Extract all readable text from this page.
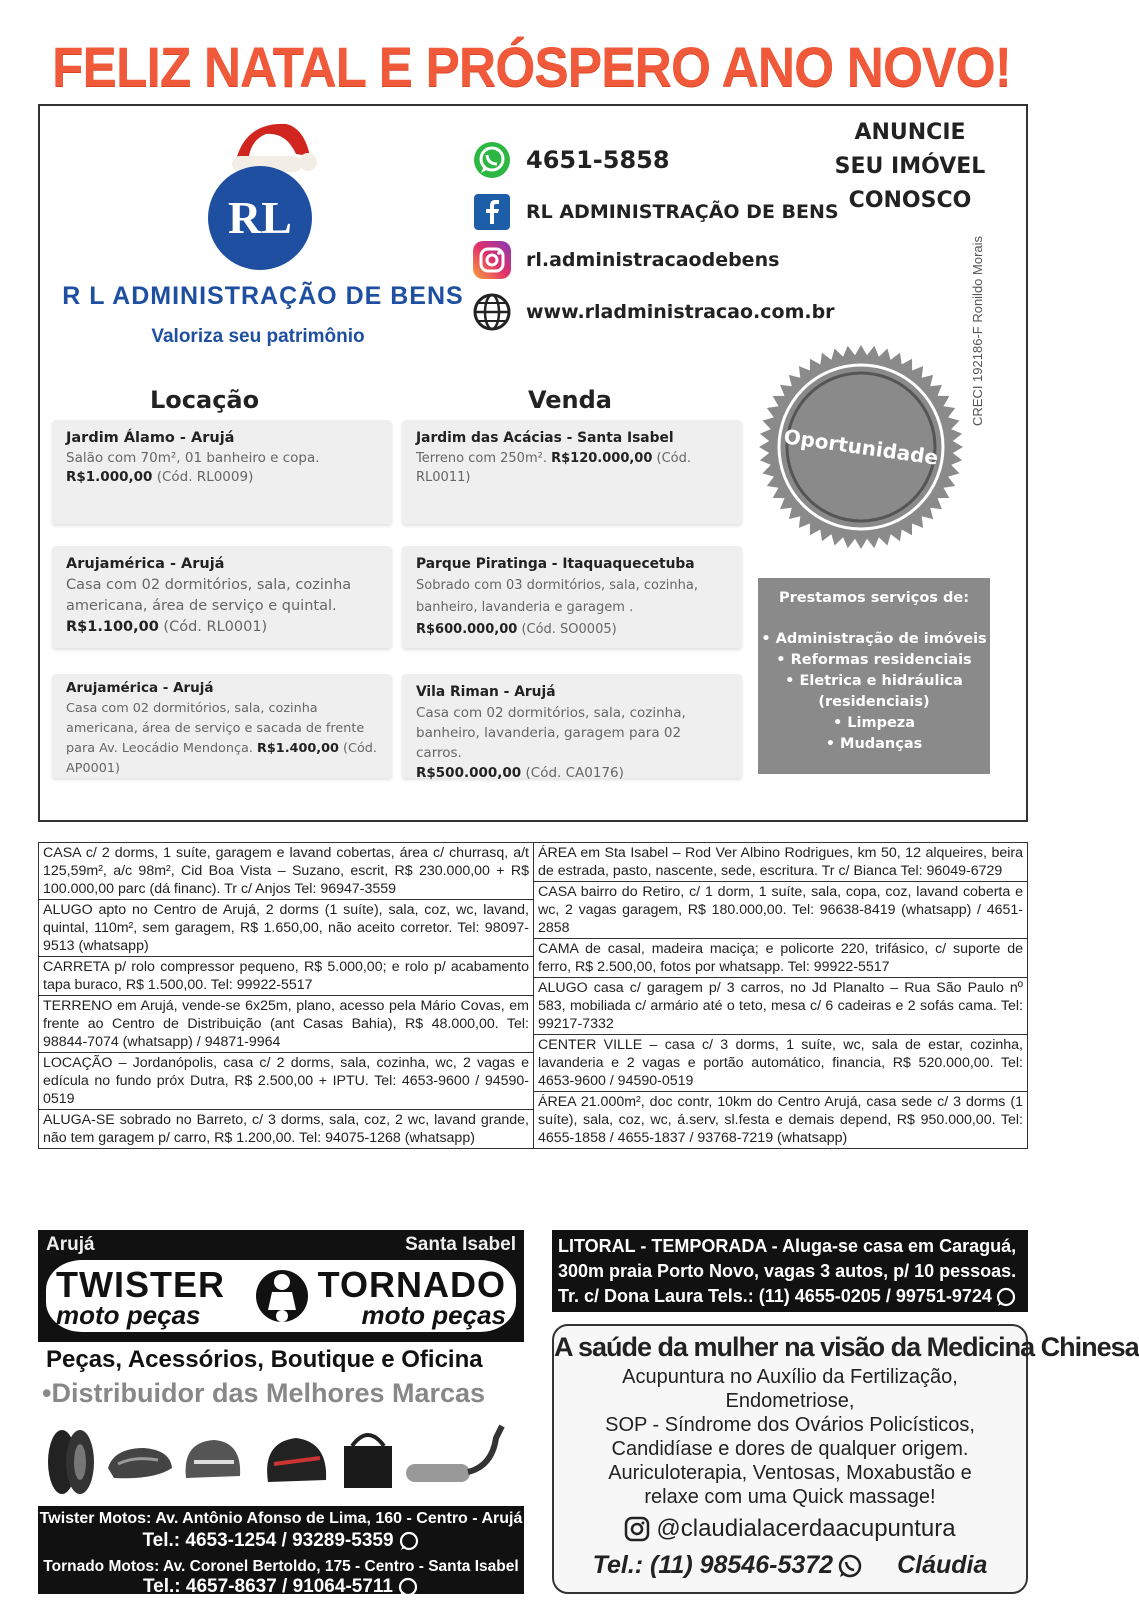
FELIZ NATAL E PRÓSPERO ANO NOVO!
RL
R L ADMINISTRAÇÃO DE BENS
Valoriza seu patrimônio
4651-5858
RL ADMINISTRAÇÃO DE BENS
rl.administracaodebens
www.rladministracao.com.br
ANUNCIE
SEU IMÓVEL
CONOSCO
CRECI 192186-F Ronildo Morais
Locação	Venda
Jardim Álamo - Arujá
Salão com 70m², 01 banheiro e copa.
R$1.000,00 (Cód. RL0009)
Arujamérica - Arujá
Casa com 02 dormitórios, sala, cozinha americana, área de serviço e quintal.
R$1.100,00 (Cód. RL0001)
Arujamérica - Arujá
Casa com 02 dormitórios, sala, cozinha americana, área de serviço e sacada de frente para Av. Leocádio Mendonça. R$1.400,00 (Cód. AP0001)
Jardim das Acácias - Santa Isabel
Terreno com 250m². R$120.000,00 (Cód. RL0011)
Parque Piratinga - Itaquaquecetuba
Sobrado com 03 dormitórios, sala, cozinha, banheiro, lavanderia e garagem . R$600.000,00 (Cód. SO0005)
Vila Riman - Arujá
Casa com 02 dormitórios, sala, cozinha, banheiro, lavanderia, garagem para 02 carros.
R$500.000,00 (Cód. CA0176)
Oportunidade
Prestamos serviços de:
• Administração de imóveis
• Reformas residenciais
• Eletrica e hidráulica
(residenciais)
• Limpeza
• Mudanças
CASA c/ 2 dorms, 1 suíte, garagem e lavand cobertas, área c/ churrasq, a/t 125,59m², a/c 98m², Cid Boa Vista – Suzano, escrit, R$ 230.000,00 + R$ 100.000,00 parc (dá financ). Tr c/ Anjos Tel: 96947-3559
ALUGO apto no Centro de Arujá, 2 dorms (1 suíte), sala, coz, wc, lavand, quintal, 110m², sem garagem, R$ 1.650,00, não aceito corretor. Tel: 98097-9513 (whatsapp)
CARRETA p/ rolo compressor pequeno, R$ 5.000,00; e rolo p/ acabamento tapa buraco, R$ 1.500,00. Tel: 99922-5517
TERRENO em Arujá, vende-se 6x25m, plano, acesso pela Mário Covas, em frente ao Centro de Distribuição (ant Casas Bahia), R$ 48.000,00. Tel: 98844-7074 (whatsapp) / 94871-9964
LOCAÇÃO – Jordanópolis, casa c/ 2 dorms, sala, cozinha, wc, 2 vagas e edícula no fundo próx Dutra, R$ 2.500,00 + IPTU. Tel: 4653-9600 / 94590-0519
ALUGA-SE sobrado no Barreto, c/ 3 dorms, sala, coz, 2 wc, lavand grande, não tem garagem p/ carro, R$ 1.200,00. Tel: 94075-1268 (whatsapp)
ÁREA em Sta Isabel – Rod Ver Albino Rodrigues, km 50, 12 alqueires, beira de estrada, pasto, nascente, sede, escritura. Tr c/ Bianca Tel: 96049-6729
CASA bairro do Retiro, c/ 1 dorm, 1 suíte, sala, copa, coz, lavand coberta e wc, 2 vagas garagem, R$ 180.000,00. Tel: 96638-8419 (whatsapp) / 4651-2858
CAMA de casal, madeira maciça; e policorte 220, trifásico, c/ suporte de ferro, R$ 2.500,00, fotos por whatsapp. Tel: 99922-5517
ALUGO casa c/ garagem p/ 3 carros, no Jd Planalto – Rua São Paulo nº 583, mobiliada c/ armário até o teto, mesa c/ 6 cadeiras e 2 sofás cama. Tel: 99217-7332
CENTER VILLE – casa c/ 3 dorms, 1 suíte, wc, sala de estar, cozinha, lavanderia e 2 vagas e portão automático, financia, R$ 520.000,00. Tel: 4653-9600 / 94590-0519
ÁREA 21.000m², doc contr, 10km do Centro Arujá, casa sede c/ 3 dorms (1 suíte), sala, coz, wc, á.serv, sl.festa e demais depend, R$ 950.000,00. Tel: 4655-1858 / 4655-1837 / 93768-7219 (whatsapp)
Arujá	Santa Isabel
TWISTER
moto peças
TORNADO
moto peças
Peças, Acessórios, Boutique e Oficina
•Distribuidor das Melhores Marcas
Twister Motos: Av. Antônio Afonso de Lima, 160 - Centro - Arujá
Tel.: 4653-1254 / 93289-5359
Tornado Motos: Av. Coronel Bertoldo, 175 - Centro - Santa Isabel
Tel.: 4657-8637 / 91064-5711
LITORAL - TEMPORADA - Aluga-se casa em Caraguá,
300m praia Porto Novo, vagas 3 autos, p/ 10 pessoas.
Tr. c/ Dona Laura Tels.: (11) 4655-0205 / 99751-9724
A saúde da mulher na visão da Medicina Chinesa
Acupuntura no Auxílio da Fertilização,
Endometriose,
SOP - Síndrome dos Ovários Policísticos,
Candidíase e dores de qualquer origem.
Auriculoterapia, Ventosas, Moxabustão e
relaxe com uma Quick massage!
@claudialacerdaacupuntura
Tel.: (11) 98546-5372	Cláudia
